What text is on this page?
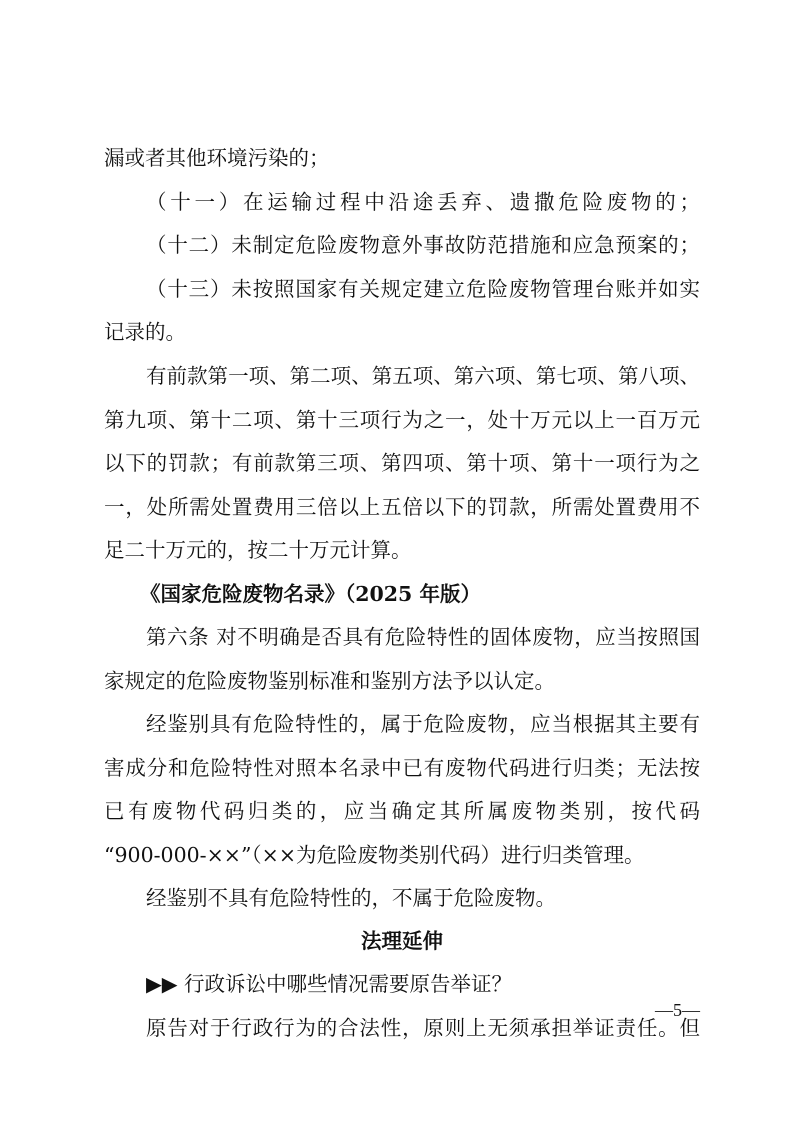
漏或者其他环境污染的；
（十一）在运输过程中沿途丢弃、遗撒危险废物的；
（十二）未制定危险废物意外事故防范措施和应急预案的；
（十三）未按照国家有关规定建立危险废物管理台账并如实
记录的。
有前款第一项、第二项、第五项、第六项、第七项、第八项、
第九项、第十二项、第十三项行为之一，处十万元以上一百万元
以下的罚款；有前款第三项、第四项、第十项、第十一项行为之
一，处所需处置费用三倍以上五倍以下的罚款，所需处置费用不
足二十万元的，按二十万元计算。
《国家危险废物名录》（2025 年版）
第六条 对不明确是否具有危险特性的固体废物，应当按照国
家规定的危险废物鉴别标准和鉴别方法予以认定。
经鉴别具有危险特性的，属于危险废物，应当根据其主要有
害成分和危险特性对照本名录中已有废物代码进行归类；无法按
已有废物代码归类的，应当确定其所属废物类别，按代码
“900-000-××”（××为危险废物类别代码）进行归类管理。
经鉴别不具有危险特性的，不属于危险废物。
法理延伸
▶▶ 行政诉讼中哪些情况需要原告举证？
原告对于行政行为的合法性，原则上无须承担举证责任。但
—5—
